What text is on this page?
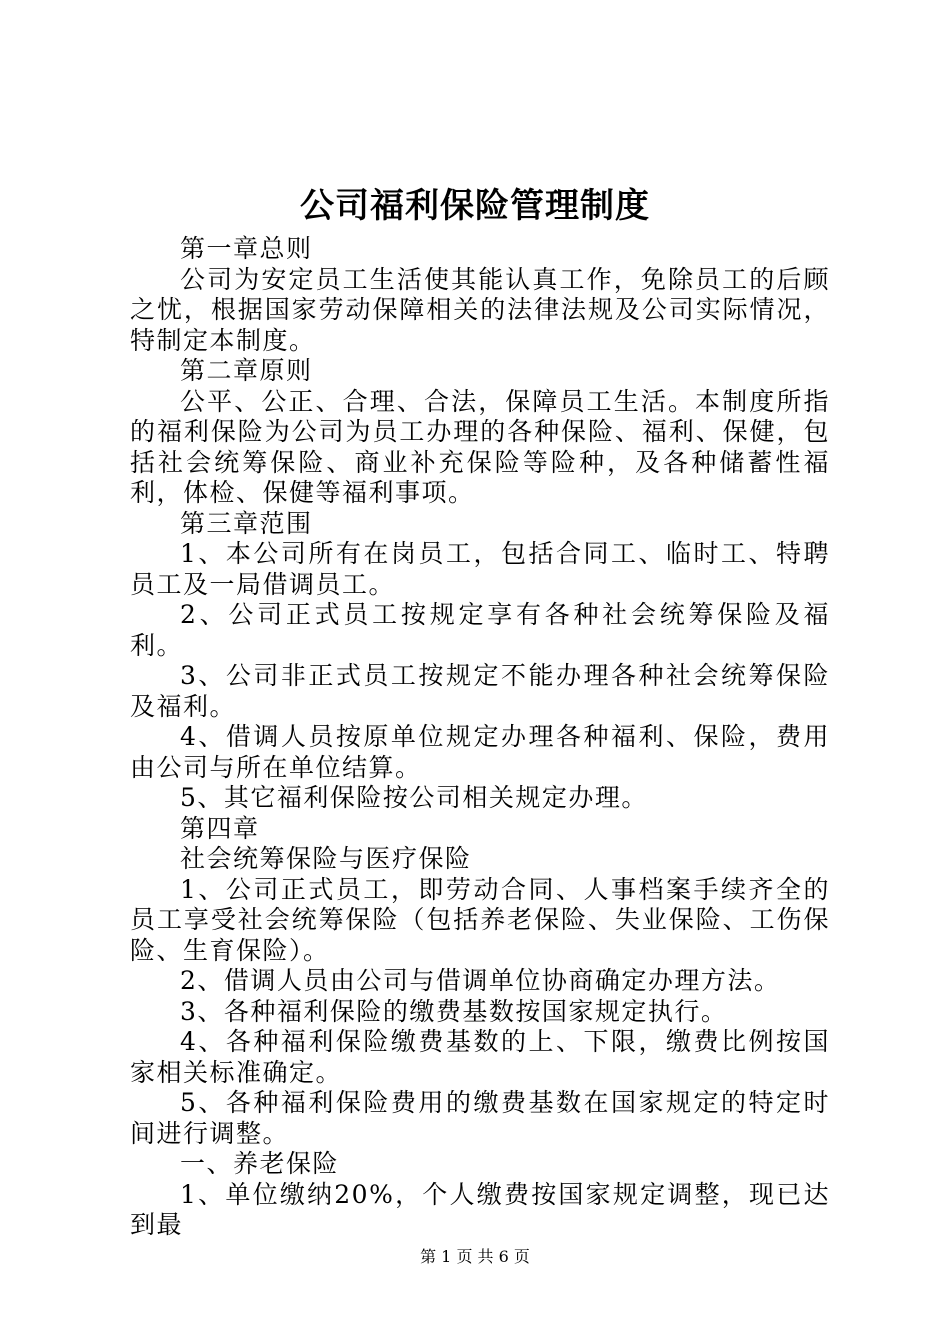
公司福利保险管理制度

第一章总则

公司为安定员工生活使其能认真工作，免除员工的后顾之忧，根据国家劳动保障相关的法律法规及公司实际情况，特制定本制度。

第二章原则

公平、公正、合理、合法，保障员工生活。本制度所指的福利保险为公司为员工办理的各种保险、福利、保健，包括社会统筹保险、商业补充保险等险种，及各种储蓄性福利，体检、保健等福利事项。

第三章范围

1、本公司所有在岗员工，包括合同工、临时工、特聘员工及一局借调员工。

2、公司正式员工按规定享有各种社会统筹保险及福利。

3、公司非正式员工按规定不能办理各种社会统筹保险及福利。

4、借调人员按原单位规定办理各种福利、保险，费用由公司与所在单位结算。

5、其它福利保险按公司相关规定办理。

第四章

社会统筹保险与医疗保险

1、公司正式员工，即劳动合同、人事档案手续齐全的员工享受社会统筹保险（包括养老保险、失业保险、工伤保险、生育保险）。

2、借调人员由公司与借调单位协商确定办理方法。

3、各种福利保险的缴费基数按国家规定执行。

4、各种福利保险缴费基数的上、下限，缴费比例按国家相关标准确定。

5、各种福利保险费用的缴费基数在国家规定的特定时间进行调整。

一、养老保险

1、单位缴纳20%，个人缴费按国家规定调整，现已达到最

第 1 页 共 6 页
